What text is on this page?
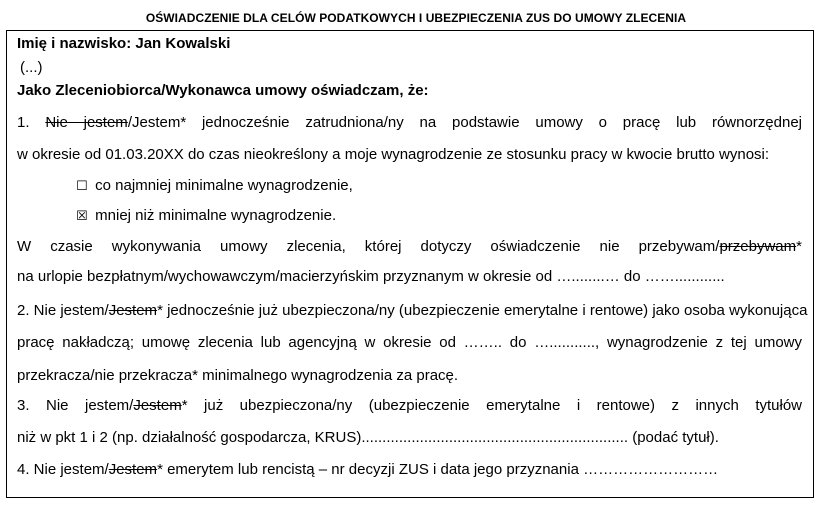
OŚWIADCZENIE DLA CELÓW PODATKOWYCH I UBEZPIECZENIA ZUS DO UMOWY ZLECENIA
Imię i nazwisko: Jan Kowalski
(...)
Jako Zleceniobiorca/Wykonawca umowy oświadczam, że:
1. Nie jestem/Jestem* jednocześnie zatrudniona/ny na podstawie umowy o pracę lub równorzędnej
w okresie od 01.03.20XX do czas nieokreślony a moje wynagrodzenie ze stosunku pracy w kwocie brutto wynosi:
☐ co najmniej minimalne wynagrodzenie,
☒ mniej niż minimalne wynagrodzenie.
W czasie wykonywania umowy zlecenia, której dotyczy oświadczenie nie przebywam/przebywam*
na urlopie bezpłatnym/wychowawczym/macierzyńskim przyznanym w okresie od …........… do ……............
2. Nie jestem/Jestem* jednocześnie już ubezpieczona/ny (ubezpieczenie emerytalne i rentowe) jako osoba wykonująca
pracę nakładczą; umowę zlecenia lub agencyjną w okresie od …….. do …..........., wynagrodzenie z tej umowy
przekracza/nie przekracza* minimalnego wynagrodzenia za pracę.
3. Nie jestem/Jestem* już ubezpieczona/ny (ubezpieczenie emerytalne i rentowe) z innych tytułów
niż w pkt 1 i 2 (np. działalność gospodarcza, KRUS)................................................................ (podać tytuł).
4. Nie jestem/Jestem* emerytem lub rencistą – nr decyzji ZUS i data jego przyznania ………………………
